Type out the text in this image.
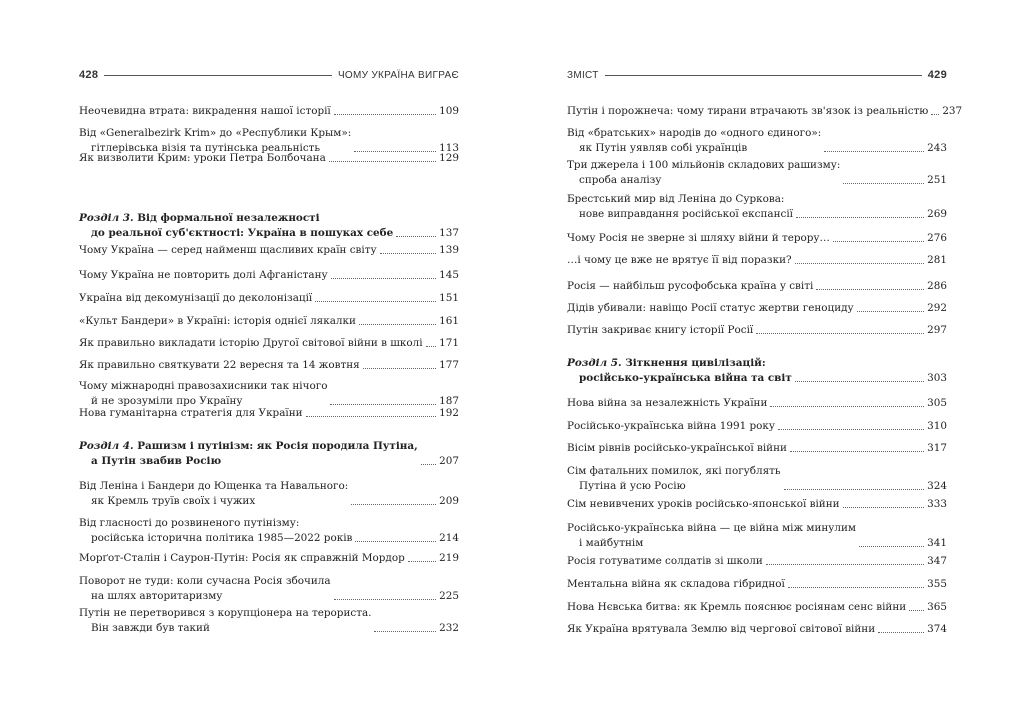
428	ЧОМУ УКРАЇНА ВИГРАЄ
Неочевидна втрата: викрадення нашої історії	109
Від «Generalbezirk Krim» до «Республики Крым»:
гітлерівська візія та путінська реальність	113
Як визволити Крим: уроки Петра Болбочана	129
Розділ 3. Від формальної незалежності
до реальної суб'єктності: Україна в пошуках себе	137
Чому Україна — серед найменш щасливих країн світу	139
Чому Україна не повторить долі Афганістану	145
Україна від декомунізації до деколонізації	151
«Культ Бандери» в Україні: історія однієї лякалки	161
Як правильно викладати історію Другої світової війни в школі 171
Як правильно святкувати 22 вересня та 14 жовтня	177
Чому міжнародні правозахисники так нічого
й не зрозуміли про Україну	187
Нова гуманітарна стратегія для України	192
Розділ 4. Рашизм і путінізм: як Росія породила Путіна,
а Путін звабив Росію	207
Від Леніна і Бандери до Ющенка та Навального:
як Кремль труїв своїх і чужих	209
Від гласності до розвиненого путінізму:
російська історична політика 1985—2022 років	214
Морґот-Сталін і Саурон-Путін: Росія як справжній Мордор	219
Поворот не туди: коли сучасна Росія збочила
на шлях авторитаризму	225
Путін не перетворився з корупціонера на терориста.
Він завжди був такий	232
ЗМІСТ	429
Путін і порожнеча: чому тирани втрачають зв'язок із реальністю 237
Від «братських» народів до «одного єдиного»:
як Путін уявляв собі українців	243
Три джерела і 100 мільйонів складових рашизму:
спроба аналізу	251
Брестський мир від Леніна до Суркова:
нове виправдання російської експансії	269
Чому Росія не зверне зі шляху війни й терору…	276
…і чому це вже не врятує її від поразки?	281
Росія — найбільш русофобська країна у світі	286
Дідів убивали: навіщо Росії статус жертви геноциду	292
Путін закриває книгу історії Росії	297
Розділ 5. Зіткнення цивілізацій:
російсько-українська війна та світ	303
Нова війна за незалежність України	305
Російсько-українська війна 1991 року	310
Вісім рівнів російсько-української війни	317
Сім фатальних помилок, які погублять
Путіна й усю Росію	324
Сім невивчених уроків російсько-японської війни	333
Російсько-українська війна — це війна між минулим
і майбутнім	341
Росія готуватиме солдатів зі школи	347
Ментальна війна як складова гібридної	355
Нова Нєвська битва: як Кремль пояснює росіянам сенс війни 365
Як Україна врятувала Землю від чергової світової війни	374
